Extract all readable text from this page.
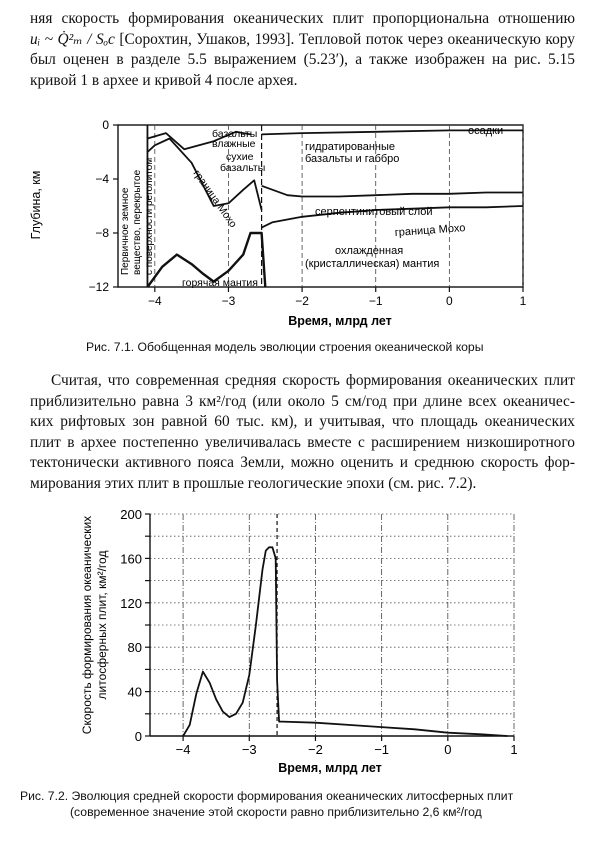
няя скорость формирования океанических плит пропорциональна отношению
uᵢ ~ Q̇²ₘ / Sₒc [Сорохтин, Ушаков, 1993]. Тепловой поток через океаническую кору
был оценен в разделе 5.5 выражением (5.23′), а также изображен на рис. 5.15
кривой 1 в архее и кривой 4 после архея.
−4	−3	−2	−1	0	1
0
−4
−8
−12
Глубина, км
Время, млрд лет
базальты
влажные
сухие
базальты
граница Мохо
Первичное земное вещество, перекрытое с поверхности реголитом
гидратированные
базальты и габбро
осадки
серпентинитовый слой
граница Мохо
охлажденная
(кристаллическая) мантия
горячая мантия

Рис. 7.1. Обобщенная модель эволюции строения океанической коры

Считая, что современная средняя скорость формирования океанических плит
приблизительно равна 3 км²/год (или около 5 см/год при длине всех океаничес-
ких рифтовых зон равной 60 тыс. км), и учитывая, что площадь океанических
плит в архее постепенно увеличивалась вместе с расширением низкоширотного
тектонически активного пояса Земли, можно оценить и среднюю скорость фор-
мирования этих плит в прошлые геологические эпохи (см. рис. 7.2).
0
40
80
120
160
200
−4	−3	−2	−1	0	1
Скорость формирования океанических литосферных плит, км²/год
Время, млрд лет

Рис. 7.2. Эволюция средней скорости формирования океанических литосферных плит

(современное значение этой скорости равно приблизительно 2,6 км²/год
